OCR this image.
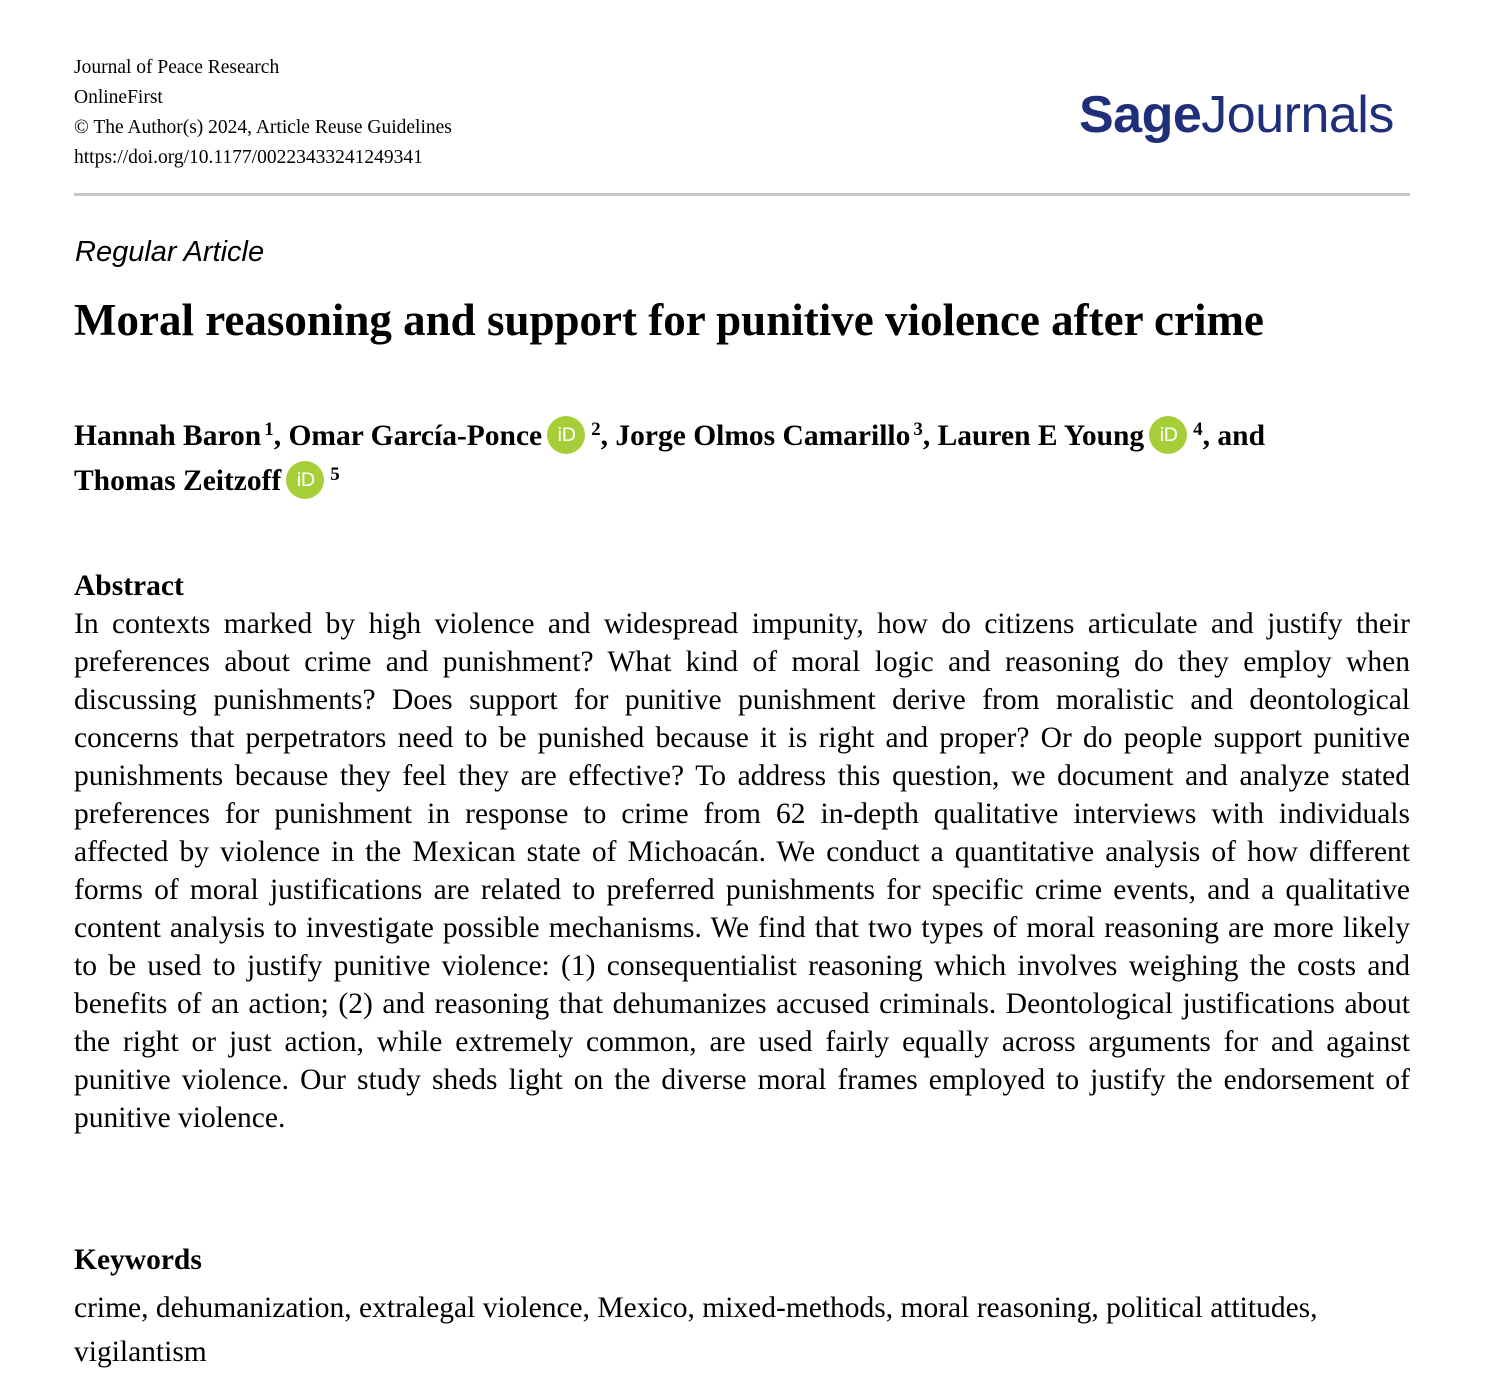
Journal of Peace Research
OnlineFirst
© The Author(s) 2024, Article Reuse Guidelines
https://doi.org/10.1177/00223433241249341
SageJournals
Regular Article
Moral reasoning and support for punitive violence after crime
Hannah Baron $^1$, Omar García-Ponce iD $^2$, Jorge Olmos Camarillo $^3$, Lauren E Young iD $^4$, and Thomas Zeitzoff iD $^5$
Abstract

In contexts marked by high violence and widespread impunity, how do citizens articulate and justify their preferences about crime and punishment? What kind of moral logic and reasoning do they employ when discussing punishments? Does support for punitive punishment derive from moralistic and deontological concerns that perpetrators need to be punished because it is right and proper? Or do people support punitive punishments because they feel they are effective? To address this question, we document and analyze stated preferences for punishment in response to crime from 62 in-depth qualitative interviews with individuals affected by violence in the Mexican state of Michoacán. We conduct a quantitative analysis of how different forms of moral justifications are related to preferred punishments for specific crime events, and a qualitative content analysis to investigate possible mechanisms. We find that two types of moral reasoning are more likely to be used to justify punitive violence: (1) consequentialist reasoning which involves weighing the costs and benefits of an action; (2) and reasoning that dehumanizes accused criminals. Deontological justifications about the right or just action, while extremely common, are used fairly equally across arguments for and against punitive violence. Our study sheds light on the diverse moral frames employed to justify the endorsement of punitive violence.

Keywords

crime, dehumanization, extralegal violence, Mexico, mixed-methods, moral reasoning, political attitudes, vigilantism
